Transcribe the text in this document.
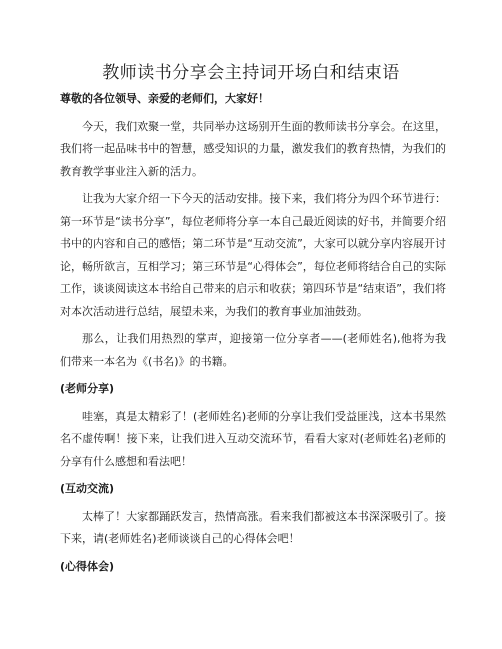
教师读书分享会主持词开场白和结束语

尊敬的各位领导、亲爱的老师们，大家好！

今天，我们欢聚一堂，共同举办这场别开生面的教师读书分享会。在这里，我们将一起品味书中的智慧，感受知识的力量，激发我们的教育热情，为我们的教育教学事业注入新的活力。

让我为大家介绍一下今天的活动安排。接下来，我们将分为四个环节进行：第一环节是“读书分享”，每位老师将分享一本自己最近阅读的好书，并简要介绍书中的内容和自己的感悟；第二环节是“互动交流”，大家可以就分享内容展开讨论，畅所欲言，互相学习；第三环节是“心得体会”，每位老师将结合自己的实际工作，谈谈阅读这本书给自己带来的启示和收获；第四环节是“结束语”，我们将对本次活动进行总结，展望未来，为我们的教育事业加油鼓劲。

那么，让我们用热烈的掌声，迎接第一位分享者——(老师姓名),他将为我们带来一本名为《(书名)》的书籍。

(老师分享)

哇塞，真是太精彩了！(老师姓名)老师的分享让我们受益匪浅，这本书果然名不虚传啊！接下来，让我们进入互动交流环节，看看大家对(老师姓名)老师的分享有什么感想和看法吧！

(互动交流)

太棒了！大家都踊跃发言，热情高涨。看来我们都被这本书深深吸引了。接下来，请(老师姓名)老师谈谈自己的心得体会吧！

(心得体会)
